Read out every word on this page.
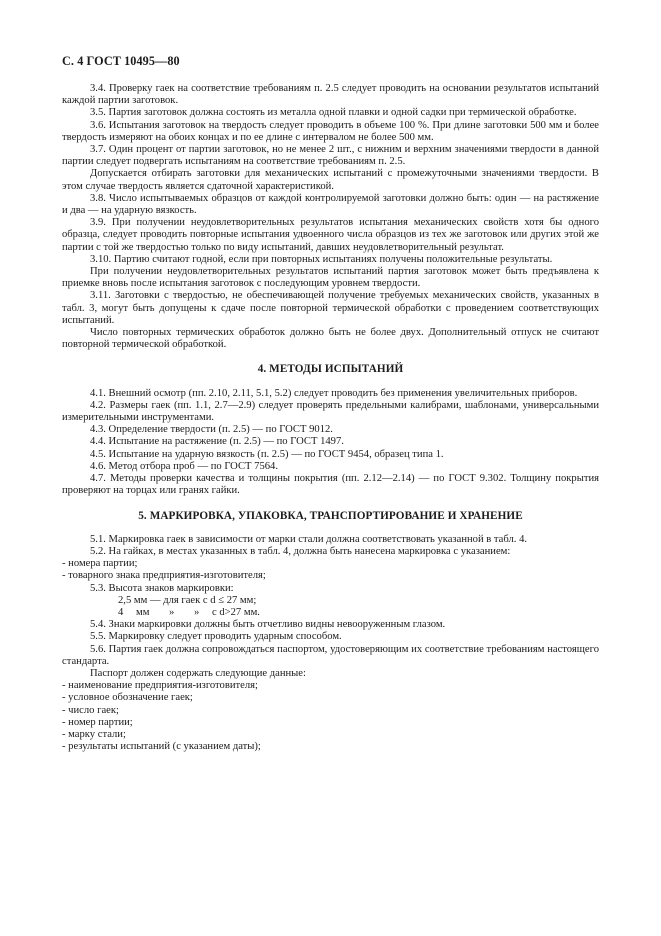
С. 4 ГОСТ 10495—80

3.4. Проверку гаек на соответствие требованиям п. 2.5 следует проводить на основании результатов испытаний каждой партии заготовок.

3.5. Партия заготовок должна состоять из металла одной плавки и одной садки при термической обработке.

3.6. Испытания заготовок на твердость следует проводить в объеме 100 %. При длине заготовки 500 мм и более твердость измеряют на обоих концах и по ее длине с интервалом не более 500 мм.

3.7. Один процент от партии заготовок, но не менее 2 шт., с нижним и верхним значениями твердости в данной партии следует подвергать испытаниям на соответствие требованиям п. 2.5.

Допускается отбирать заготовки для механических испытаний с промежуточными значениями твердости. В этом случае твердость является сдаточной характеристикой.

3.8. Число испытываемых образцов от каждой контролируемой заготовки должно быть: один — на растяжение и два — на ударную вязкость.

3.9. При получении неудовлетворительных результатов испытания механических свойств хотя бы одного образца, следует проводить повторные испытания удвоенного числа образцов из тех же заготовок или других этой же партии с той же твердостью только по виду испытаний, давших неудовлетворительный результат.

3.10. Партию считают годной, если при повторных испытаниях получены положительные результаты.

При получении неудовлетворительных результатов испытаний партия заготовок может быть предъявлена к приемке вновь после испытания заготовок с последующим уровнем твердости.

3.11. Заготовки с твердостью, не обеспечивающей получение требуемых механических свойств, указанных в табл. 3, могут быть допущены к сдаче после повторной термической обработки с проведением соответствующих испытаний.

Число повторных термических обработок должно быть не более двух. Дополнительный отпуск не считают повторной термической обработкой.

4. МЕТОДЫ ИСПЫТАНИЙ

4.1. Внешний осмотр (пп. 2.10, 2.11, 5.1, 5.2) следует проводить без применения увеличительных приборов.

4.2. Размеры гаек (пп. 1.1, 2.7—2.9) следует проверять предельными калибрами, шаблонами, универсальными измерительными инструментами.

4.3. Определение твердости (п. 2.5) — по ГОСТ 9012.

4.4. Испытание на растяжение (п. 2.5) — по ГОСТ 1497.

4.5. Испытание на ударную вязкость (п. 2.5) — по ГОСТ 9454, образец типа 1.

4.6. Метод отбора проб — по ГОСТ 7564.

4.7. Методы проверки качества и толщины покрытия (пп. 2.12—2.14) — по ГОСТ 9.302. Толщину покрытия проверяют на торцах или гранях гайки.

5. МАРКИРОВКА, УПАКОВКА, ТРАНСПОРТИРОВАНИЕ И ХРАНЕНИЕ

5.1. Маркировка гаек в зависимости от марки стали должна соответствовать указанной в табл. 4.

5.2. На гайках, в местах указанных в табл. 4, должна быть нанесена маркировка с указанием:

- номера партии;

- товарного знака предприятия-изготовителя;

5.3. Высота знаков маркировки:

2,5 мм — для гаек с d ≤ 27 мм;

4 мм » » с d>27 мм.

5.4. Знаки маркировки должны быть отчетливо видны невооруженным глазом.

5.5. Маркировку следует проводить ударным способом.

5.6. Партия гаек должна сопровождаться паспортом, удостоверяющим их соответствие требованиям настоящего стандарта.

Паспорт должен содержать следующие данные:

- наименование предприятия-изготовителя;

- условное обозначение гаек;

- число гаек;

- номер партии;

- марку стали;

- результаты испытаний (с указанием даты);
